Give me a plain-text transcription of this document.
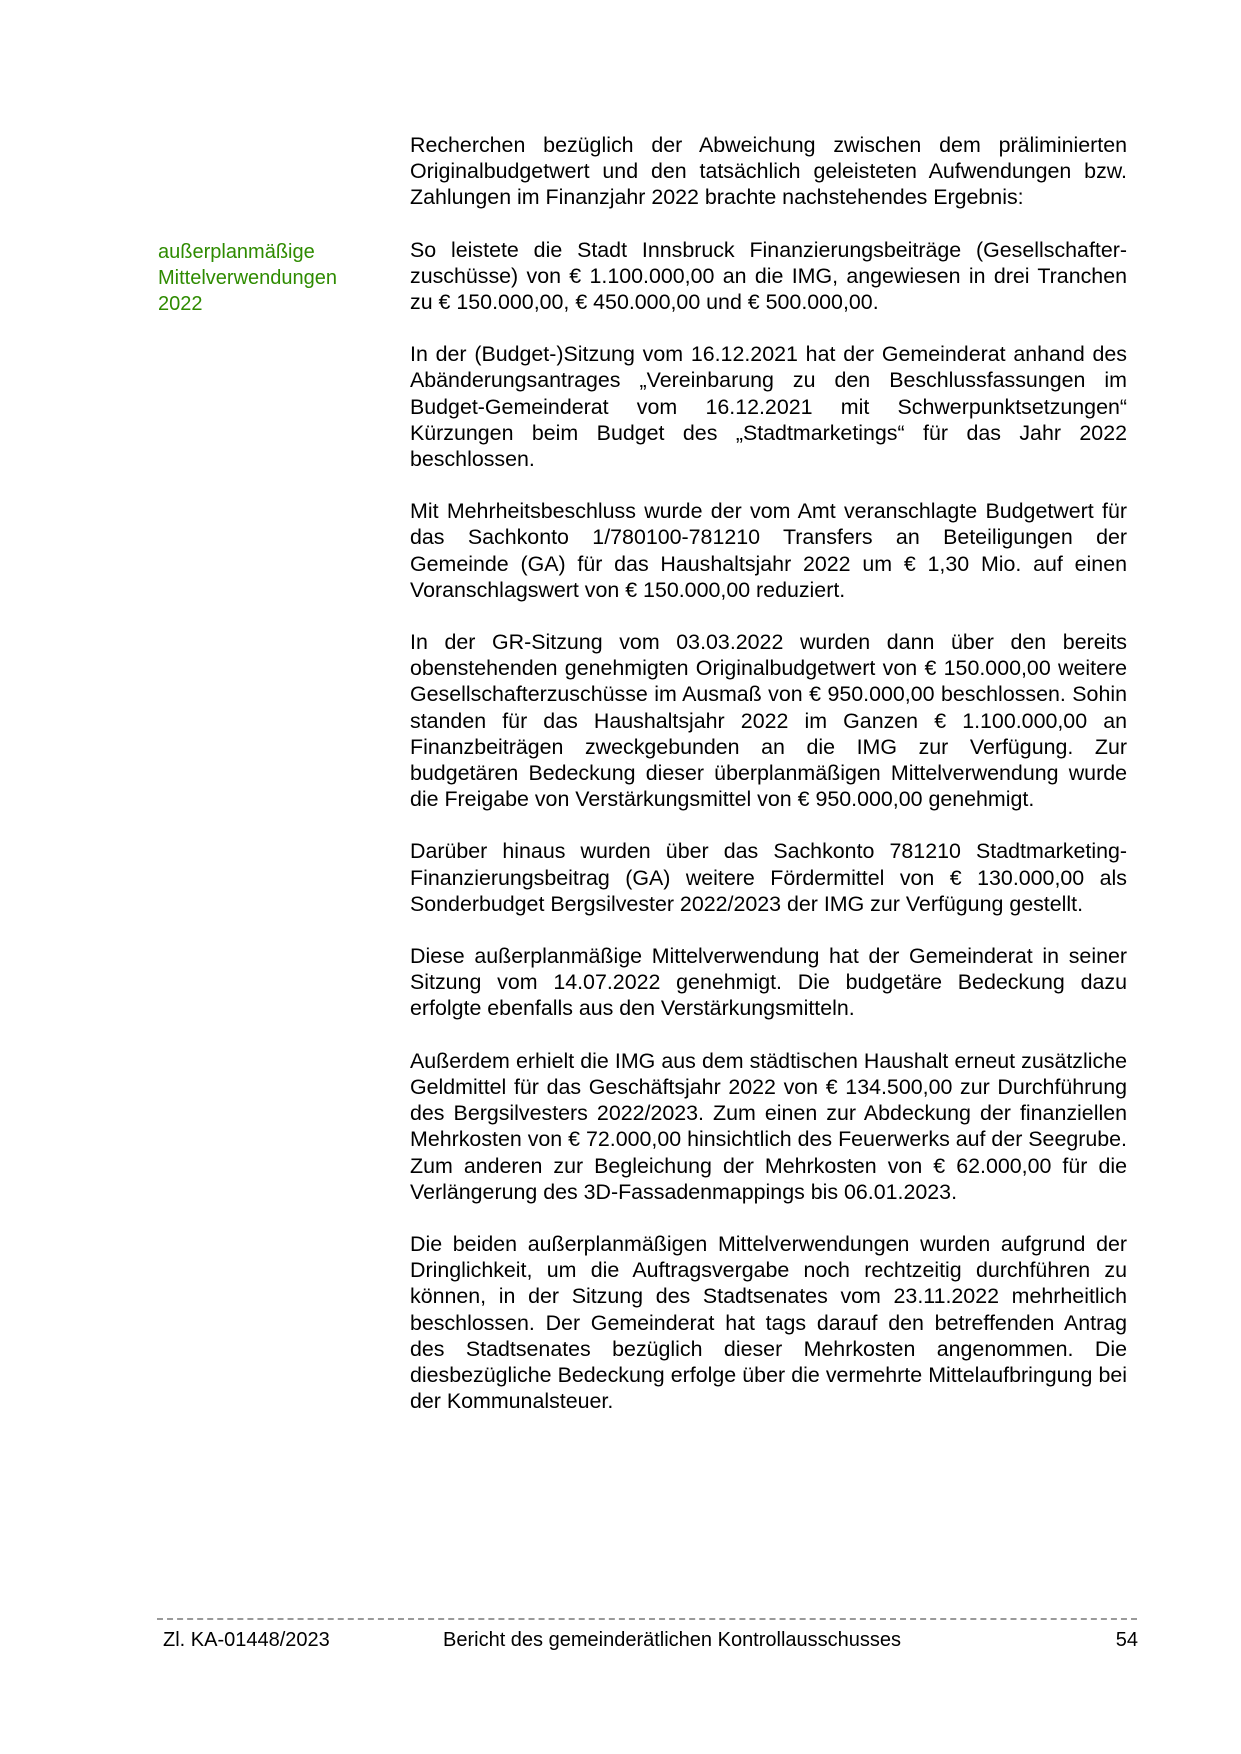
außerplanmäßige
Mittelverwendungen
2022

Recherchen bezüglich der Abweichung zwischen dem präliminierten Originalbudgetwert und den tatsächlich geleisteten Aufwendungen bzw. Zahlungen im Finanzjahr 2022 brachte nachstehendes Ergebnis:

So leistete die Stadt Innsbruck Finanzierungsbeiträge (Gesellschafterzuschüsse) von € 1.100.000,00 an die IMG, angewiesen in drei Tranchen zu € 150.000,00, € 450.000,00 und € 500.000,00.

In der (Budget-)Sitzung vom 16.12.2021 hat der Gemeinderat anhand des Abänderungsantrages „Vereinbarung zu den Beschlussfassungen im Budget-Gemeinderat vom 16.12.2021 mit Schwerpunktsetzungen“ Kürzungen beim Budget des „Stadtmarketings“ für das Jahr 2022 beschlossen.

Mit Mehrheitsbeschluss wurde der vom Amt veranschlagte Budgetwert für das Sachkonto 1/780100-781210 Transfers an Beteiligungen der Gemeinde (GA) für das Haushaltsjahr 2022 um € 1,30 Mio. auf einen Voranschlagswert von € 150.000,00 reduziert.

In der GR-Sitzung vom 03.03.2022 wurden dann über den bereits obenstehenden genehmigten Originalbudgetwert von € 150.000,00 weitere Gesellschafterzuschüsse im Ausmaß von € 950.000,00 beschlossen. Sohin standen für das Haushaltsjahr 2022 im Ganzen € 1.100.000,00 an Finanzbeiträgen zweckgebunden an die IMG zur Verfügung. Zur budgetären Bedeckung dieser überplanmäßigen Mittelverwendung wurde die Freigabe von Verstärkungsmittel von € 950.000,00 genehmigt.

Darüber hinaus wurden über das Sachkonto 781210 Stadtmarketing-Finanzierungsbeitrag (GA) weitere Fördermittel von € 130.000,00 als Sonderbudget Bergsilvester 2022/2023 der IMG zur Verfügung gestellt.

Diese außerplanmäßige Mittelverwendung hat der Gemeinderat in seiner Sitzung vom 14.07.2022 genehmigt. Die budgetäre Bedeckung dazu erfolgte ebenfalls aus den Verstärkungsmitteln.

Außerdem erhielt die IMG aus dem städtischen Haushalt erneut zusätzliche Geldmittel für das Geschäftsjahr 2022 von € 134.500,00 zur Durchführung des Bergsilvesters 2022/2023. Zum einen zur Abdeckung der finanziellen Mehrkosten von € 72.000,00 hinsichtlich des Feuerwerks auf der Seegrube. Zum anderen zur Begleichung der Mehrkosten von € 62.000,00 für die Verlängerung des 3D-Fassadenmappings bis 06.01.2023.

Die beiden außerplanmäßigen Mittelverwendungen wurden aufgrund der Dringlichkeit, um die Auftragsvergabe noch rechtzeitig durchführen zu können, in der Sitzung des Stadtsenates vom 23.11.2022 mehrheitlich beschlossen. Der Gemeinderat hat tags darauf den betreffenden Antrag des Stadtsenates bezüglich dieser Mehrkosten angenommen. Die diesbezügliche Bedeckung erfolge über die vermehrte Mittelaufbringung bei der Kommunalsteuer.

Zl. KA-01448/2023	Bericht des gemeinderätlichen Kontrollausschusses	54
